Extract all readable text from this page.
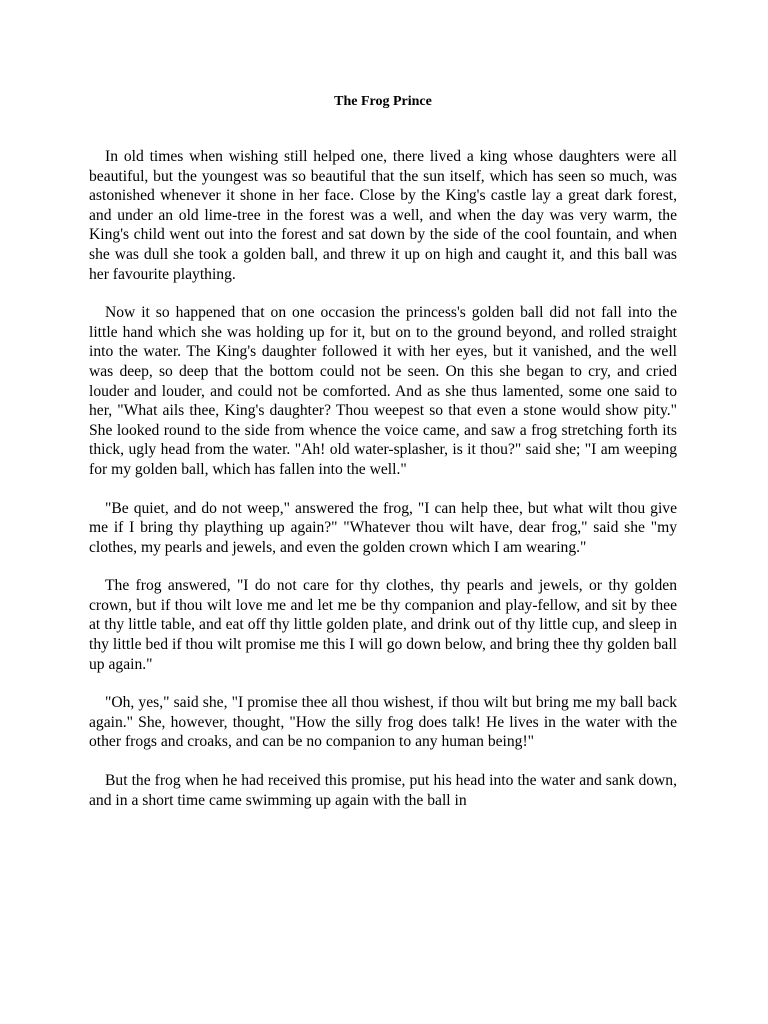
The Frog Prince

In old times when wishing still helped one, there lived a king whose daughters were all beautiful, but the youngest was so beautiful that the sun itself, which has seen so much, was astonished whenever it shone in her face. Close by the King's castle lay a great dark forest, and under an old lime-tree in the forest was a well, and when the day was very warm, the King's child went out into the forest and sat down by the side of the cool fountain, and when she was dull she took a golden ball, and threw it up on high and caught it, and this ball was her favourite plaything.

Now it so happened that on one occasion the princess's golden ball did not fall into the little hand which she was holding up for it, but on to the ground beyond, and rolled straight into the water. The King's daughter followed it with her eyes, but it vanished, and the well was deep, so deep that the bottom could not be seen. On this she began to cry, and cried louder and louder, and could not be comforted. And as she thus lamented, some one said to her, "What ails thee, King's daughter? Thou weepest so that even a stone would show pity." She looked round to the side from whence the voice came, and saw a frog stretching forth its thick, ugly head from the water. "Ah! old water-splasher, is it thou?" said she; "I am weeping for my golden ball, which has fallen into the well."

"Be quiet, and do not weep," answered the frog, "I can help thee, but what wilt thou give me if I bring thy plaything up again?" "Whatever thou wilt have, dear frog," said she "my clothes, my pearls and jewels, and even the golden crown which I am wearing."

The frog answered, "I do not care for thy clothes, thy pearls and jewels, or thy golden crown, but if thou wilt love me and let me be thy companion and play-fellow, and sit by thee at thy little table, and eat off thy little golden plate, and drink out of thy little cup, and sleep in thy little bed if thou wilt promise me this I will go down below, and bring thee thy golden ball up again."

"Oh, yes," said she, "I promise thee all thou wishest, if thou wilt but bring me my ball back again." She, however, thought, "How the silly frog does talk! He lives in the water with the other frogs and croaks, and can be no companion to any human being!"

But the frog when he had received this promise, put his head into the water and sank down, and in a short time came swimming up again with the ball in
